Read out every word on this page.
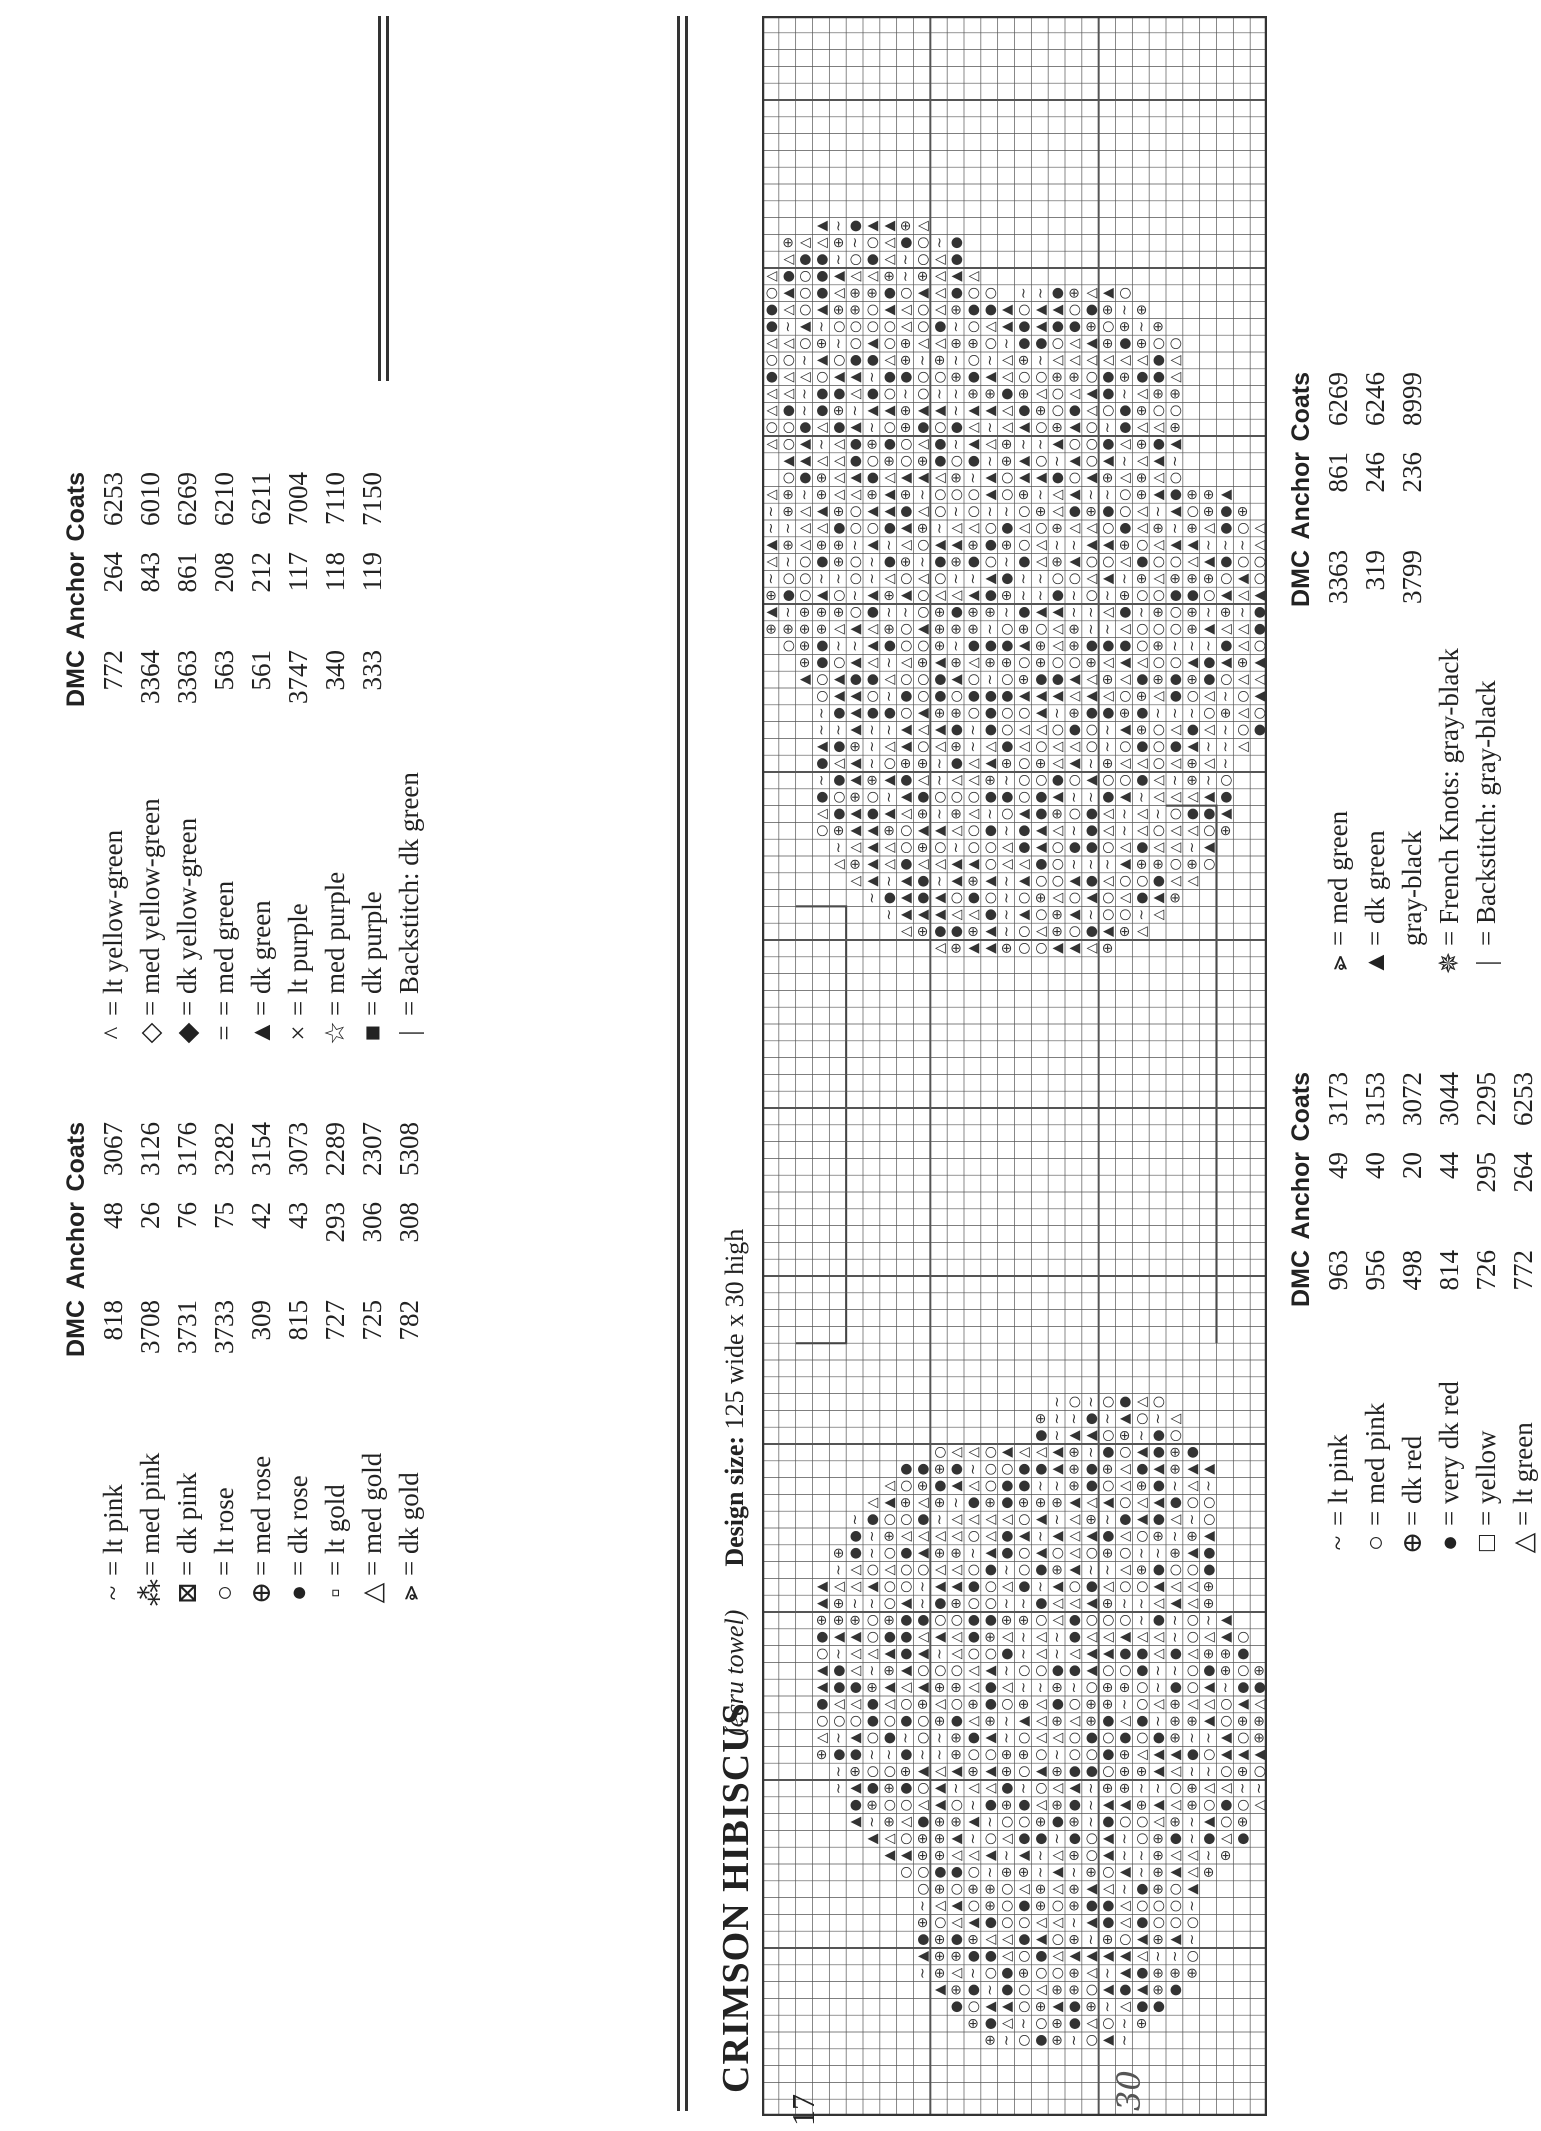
DMC
Anchor
Coats
~
= lt pink
818
48
3067
⁂
= med pink
3708
26
3126
⊠
= dk pink
3731
76
3176
○
= lt rose
3733
75
3282
⊕
= med rose
309
42
3154
●
= dk rose
815
43
3073
▫
= lt gold
727
293
2289
△
= med gold
725
306
2307
⩺
= dk gold
782
308
5308
DMC
Anchor
Coats
^
= lt yellow-green
772
264
6253
◇
= med yellow-green
3364
843
6010
◆
= dk yellow-green
3363
861
6269
=
= med green
563
208
6210
▲
= dk green
561
212
6211
×
= lt purple
3747
117
7004
☆
= med purple
340
118
7110
■
= dk purple
333
119
7150
|
= Backstitch: dk green
CRIMSON HIBISCUS
(ecru towel)  Design size: 125 wide x 30 high
⊕ ~ ○ ● ⊕ ~ ○ ▲ ~
⊕ ● △ ~ ○ ⊕ ● △ ○ ~ ⊕
● ○ ▲ ▲ ○ ⊕ ▲ ● ⊕ ~ △ ● ●
▲ ⊕ ● ~ ● ○ △ ⊕ ⊕ ○ ▲ ● ▲ ⊕ ●
~ ⊕ △ ~ ○ ● ⊕ ○ ○ ⊕ △ ~ ▲ ● ⊕ ⊕ ⊕
▲ ⊕ ⊕ ● ● △ ○ ● △ ▲ ▲ ▲ ▲ △ ~ ~ ○
● ⊕ ● ⊕ △ △ ● ▲ ○ ⊕ ~ ⊕ ○ ▲ ⊕ ▲ ~
⊕ ○ △ ▲ ● ○ ○ △ △ ~ ▲ ● △ ● ○ ○ ○
~ △ ▲ ○ ⊕ ○ ● ⊕ ○ ⊕ ● ● △ ○ ○ ○ ~
○ ⊕ ○ ⊕ ⊕ ○ △ ⊕ △ ⊕ ▲ △ ~ ● ⊕ ○ ▲
○ ○ ● ● ○ ~ ⊕ ⊕ ~ ▲ ~ ⊕ ○ ▲ ~ ⊕ ▲ △ ⊕
▲ ▲ ⊕ ⊕ △ △ ▲ ~ ▲ ~ △ ⊕ ○ ▲ ~ ~ ⊕ △ △ ~ ⊕
▲ △ ○ ⊕ ⊕ ▲ ~ ○ △ ● ● ~ ● ○ ▲ ~ ○ ⊕ ● ~ ● △ ●
▲ ~ ⊕ △ ● ⊕ ⊕ ▲ ~ ○ ○ ⊕ ● ⊕ ~ ● ○ ○ △ ⊕ ~ ▲ ○ ⊕
● ⊕ ○ ○ △ ▲ ○ ~ ● ⊕ ● △ ⊕ ● ~ ▲ ▲ ⊕ ▲ △ ⊕ ○ ● ○ △
~ ▲ ● ⊕ ● ○ ▲ ~ △ △ ● ~ ○ △ ▲ ~ ⊕ ⊕ ~ ~ ○ ⊕ △ △ ~ ~
~ ⊕ ○ ○ ⊕ ▲ △ ▲ ⊕ ▲ ⊕ ○ ▲ ⊕ ● ● ○ ⊕ ⊕ ▲ △ ~ ~ ○ ⊕ ○
⊕ ● ● ~ ~ ● ~ ~ ⊕ ○ ○ ⊕ ⊕ ○ ~ ○ ○ ● ⊕ △ ▲ ▲ ● ○ ▲ ▲ ▲
△ ~ ▲ ○ ● ~ ○ ~ ⊕ ● ▲ ~ ○ △ △ ○ ● ○ ● ○ ● ⊕ ~ ~ ▲ ○ ⊕
○ ○ ○ ● ○ ● ○ ⊕ ● △ ⊕ ~ ▲ △ ⊕ △ ⊕ ● △ ● ~ ⊕ ⊕ ▲ ○ ⊕ ⊕
● △ △ ● △ ○ ⊕ △ ○ ⊕ ● ○ ⊕ △ ● ○ ⊕ ⊕ ~ ○ △ ⊕ △ △ ○ ▲ △
▲ ● ● ⊕ ▲ △ ▲ ⊕ ⊕ △ ● △ ~ ~ ⊕ ~ ○ ⊕ ⊕ ○ ~ ● ○ ▲ ~ ● ●
▲ ● △ ~ ⊕ ▲ ○ ○ ○ △ ▲ ~ ○ ○ ● ● ▲ ○ ○ ● ~ ~ ○ ● ⊕ ○ ⊕
○ ~ △ △ ▲ ● ▲ ~ △ ○ ○ ● ~ △ ~ △ ▲ ▲ ● ● △ ● △ ⊕ ⊕ ●
● ▲ ▲ ○ ● ● △ ▲ △ ● ⊕ △ ~ △ ~ ● △ △ ▲ △ △ ~ ○ △ ▲ ○
⊕ ⊕ ⊕ ○ ⊕ ● ● ○ ○ ● ● ⊕ ⊕ ○ △ ● ○ ○ ○ ~ ● ~ ○ ~ ▲
▲ ⊕ ~ ~ ○ ▲ ~ ● ⊕ ○ ○ ~ ~ ● △ △ ▲ ⊕ ~ ~ △ ▲ △ ⊕
▲ △ △ ▲ ○ ○ ~ ▲ ▲ ● ○ △ ● ~ ▲ ○ ● △ ○ ○ ▲ △ △ ⊕
~ △ ○ △ ○ ○ △ △ ○ ● ~ ○ ● ⊕ ▲ ~ ~ △ ⊕ ● ○ ○ ●
⊕ ● ~ ○ ● ▲ ⊕ ⊕ ~ ▲ ● ○ ▲ ○ △ ○ ⊕ ○ ~ ~ ⊕ ▲ ●
● ~ ⊕ △ △ △ △ ○ △ ● ▲ ~ ▲ △ ▲ ● △ ○ ⊕ ~ ⊕ ▲
~ ● ○ ○ ● ~ △ △ △ △ ○ ▲ ~ △ ⊕ ~ ● ▲ ● △ ~ ○
△ ▲ ⊕ △ ⊕ ~ ● ⊕ ● ⊕ ⊕ ⊕ ▲ △ ▲ ○ △ ▲ ● ○ ○
△ ○ ⊕ ● ▲ △ ○ ● ● ~ ~ ⊕ ● ○ △ ⊕ ● ~ △ ~
● ● ⊕ ● ~ ○ ○ ● ● ▲ ⊕ ● ⊕ △ ● ▲ ⊕ ▲ ▲
○ △ △ ○ ▲ △ △ ▲ ⊕ ~ ● ○ ▲ ● ⊕ ●
● ~ ▲ ▲ ○ ⊕ ~ ● ○
⊕ ~ ~ ● ~ ▲ ○ ~ △
~ ○ ~ ○ ● △ ○
△ ⊕ ▲ ▲ ⊕ ○ ○ ▲ ▲ △ ⊕
△ ⊕ ● ● ⊕ ▲ ~ ○ △ ⊕ ○ ● ▲ ⊕ △
~ ▲ ▲ ▲ △ △ ● ~ ▲ ○ ⊕ ▲ ~ ○ ○ ~ △
~ ● ▲ ● ▲ ○ ● ○ ~ ○ ⊕ △ ○ ▲ ○ △ ● ▲ ⊕
△ ▲ ~ ▲ ● ~ ▲ ⊕ ▲ ~ ▲ ○ ○ ▲ ● △ ○ ○ ● △ △
△ ⊕ ▲ △ ● △ △ ▲ ▲ ○ △ △ ● ○ ~ ~ ~ ▲ ⊕ ⊕ ○ ⊕ ○
~ △ ▲ △ ○ ⊕ ○ ~ ○ ○ △ ● ▲ ○ ● ● ○ △ ● △ △ ~ ▲
○ ⊕ ▲ ▲ ⊕ ○ ▲ ▲ △ ○ ● ~ ● ▲ △ ~ ● △ ~ △ ○ △ △ ○ ⊕
△ ● ▲ ● ▲ △ ⊕ ~ ⊕ △ ~ ○ ▲ ● ⊕ ○ ● △ ~ △ ~ ○ ● ● ▲
● ○ ⊕ ○ ~ ▲ ● ○ ○ ○ ● ● ○ ● ▲ ~ ~ ● ▲ ~ △ △ △ ▲ ●
~ ● ▲ ⊕ ▲ ● △ ~ △ △ ⊕ ~ ○ ○ ● ○ ▲ ○ ○ ● △ ~ ⊕ ~ ○
● △ ▲ ~ ○ ⊕ ⊕ ~ ● △ ▲ ⊕ ○ ⊕ △ ▲ ~ ⊕ △ △ ○ △ ⊕ △ ~
▲ ● ⊕ ~ △ ▲ ○ △ ⊕ ~ △ ● △ ○ △ △ ○ ~ ○ ● ○ ● ▲ ~ ~ △
~ ~ ▲ ~ ~ ▲ △ ▲ ● ~ ● ○ △ △ ○ ● ○ ~ ▲ ⊕ ○ △ ● △ ~ ○ ●
~ ● ▲ ● ● ○ ▲ ⊕ ⊕ ○ ● ○ ○ ▲ ~ ⊕ ● ● ⊕ ● ~ ~ ~ ○ ⊕ △ ○
○ ▲ ▲ ○ ~ ● ○ ● ○ ● ● ● ▲ ▲ ▲ △ ▲ △ ○ ⊕ △ ● ○ △ ~ ○ ▲
▲ ○ ▲ ● ● △ ○ ○ ● ▲ ○ ~ ○ ⊕ ● ● ▲ △ ⊕ △ ● ⊕ ● ⊕ ● ○ △ △
⊕ ● ○ ▲ △ ~ △ ⊕ ▲ ⊕ △ ⊕ ⊕ ○ ⊕ ○ ○ ⊕ △ ▲ △ ○ ○ ▲ ● ▲ ⊕ ▲
○ ⊕ ● ~ ~ ▲ ● ○ ○ ⊕ ~ ● ● ● ▲ ⊕ △ ⊕ ● ● ● ○ ⊕ ~ ~ ~ ● △ ○
⊕ ⊕ ⊕ ⊕ △ ▲ △ ⊕ ○ ▲ ⊕ ⊕ ⊕ ~ ○ ⊕ ○ △ ⊕ ~ ~ △ ○ ○ ○ ⊕ ▲ △ △ ●
▲ ~ ⊕ ⊕ ⊕ ○ ● ~ ~ ○ ⊕ ● ⊕ ⊕ ~ ● ▲ ▲ ~ ~ △ ● ~ ⊕ ○ ⊕ ~ ⊕ ~ ●
⊕ ● ○ ▲ ○ ~ ▲ ⊕ ▲ ○ △ △ ▲ ● ⊕ ~ ~ ● ~ ○ ~ ⊕ ○ ○ ● ● ○ ▲ △ ▲
~ ○ ○ ~ ~ ○ ~ △ ○ △ ○ ~ ~ ▲ ● ~ ~ ○ ○ △ ▲ ~ ⊕ △ ⊕ ⊕ ⊕ ○ ▲ ○
△ ~ ○ ● ⊕ ○ ~ ● ⊕ ~ ● ⊕ ● ○ ~ ● △ ⊕ ▲ ○ ○ △ ● ○ ○ △ ▲ ● ○ ○
▲ ⊕ △ ⊕ ⊕ ~ ▲ ~ △ ○ ▲ ▲ ⊕ ● ⊕ ○ △ ~ ~ ▲ ▲ ⊕ ○ △ ▲ ▲ ~ ~ ~ △
~ ~ △ △ ● ○ ○ ● ▲ ⊕ ~ △ △ ○ ● △ ○ ⊕ △ △ ○ ● △ ⊕ ~ ⊕ △ ● ○ △
~ ⊕ △ ▲ ⊕ ○ ▲ ▲ ● △ ○ ~ ○ ~ ~ ○ ⊕ △ ● ⊕ ● ○ △ ~ ▲ ○ ⊕ ● ⊕
△ ⊕ ~ ⊕ △ △ ⊕ ▲ ⊕ ~ ○ ○ ○ ▲ ○ ⊕ ~ △ ▲ ~ ~ ○ ⊕ ▲ ● ⊕ ⊕ ▲
○ ● ⊕ △ ▲ ● △ ▲ ▲ △ ⊕ ~ ▲ ○ ▲ ▲ ● ○ ▲ ⊕ △ ⊕ △ ○
▲ ▲ △ △ ● ○ ⊕ ○ ⊕ ● ○ ● ~ ⊕ ▲ ○ ~ ▲ ○ ▲ ~ △ ▲ ~
△ ○ ▲ ~ △ ● ⊕ ● ○ △ ● ~ ▲ △ ⊕ ~ ~ ▲ ○ ○ ● △ ⊕ ● ▲
○ ○ ● △ ● ▲ ~ ○ ⊕ ● ○ ● △ ~ △ ▲ ○ ⊕ ▲ ○ ~ ● △ △ ⊕
△ ● ~ ● ⊕ ~ ▲ ▲ ⊕ ▲ ▲ ~ ▲ ▲ △ ● ⊕ ○ ● △ ○ ● ⊕ ○ ○
△ △ ~ ● ● △ ● ○ ~ ○ ~ ~ ⊕ ⊕ ● ⊕ △ ○ △ ▲ ● ~ △ ⊕ ⊕
● △ △ ○ ▲ ▲ ~ ● ● ○ ○ ⊕ ● ▲ △ ○ ○ ⊕ ⊕ ○ ● ⊕ ● ● △
○ ○ ~ ▲ ○ ● ● △ ⊕ ~ ⊕ ~ ○ ~ △ ⊕ ~ △ △ △ △ △ △ ● △
△ △ ○ ⊕ ~ ○ ▲ ○ ⊕ △ △ ⊕ ⊕ ○ ~ ● ● ○ △ ▲ ⊕ ● ⊕ ○ ○
● ~ ▲ ~ ○ ○ ○ ○ △ ○ ● ~ ○ △ ▲ ● ▲ ● ● ⊕ ○ ⊕ ~ ⊕
● △ ○ ▲ ⊕ ⊕ ○ ▲ △ ○ △ ⊕ ● ● ▲ ○ ▲ ▲ ○ ● ⊕ ~ ⊕
○ ▲ ○ ● △ ⊕ ⊕ ● ○ ▲ △ ● ○ ○ ~ ~ ● ⊕ △ ▲ ○
△ ● ○ ● ▲ △ △ ⊕ ~ ⊕ △ ▲ △
△ ● ● ~ ○ ● △ ~ ○ △ ●
⊕ △ △ ⊕ ~ ○ △ ● ○ ~ ●
▲ ~ ● ▲ ▲ ⊕ △
DMC
Anchor
Coats
~
= lt pink
963
49
3173
○
= med pink
956
40
3153
⊕
= dk red
498
20
3072
●
= very dk red
814
44
3044
□
= yellow
726
295
2295
△
= lt green
772
264
6253
DMC
Anchor
Coats
⩺
= med green
3363
861
6269
▲
= dk green
319
246
6246
gray-black
3799
236
8999
✵
= French Knots: gray-black
|
= Backstitch: gray-black
17	30
